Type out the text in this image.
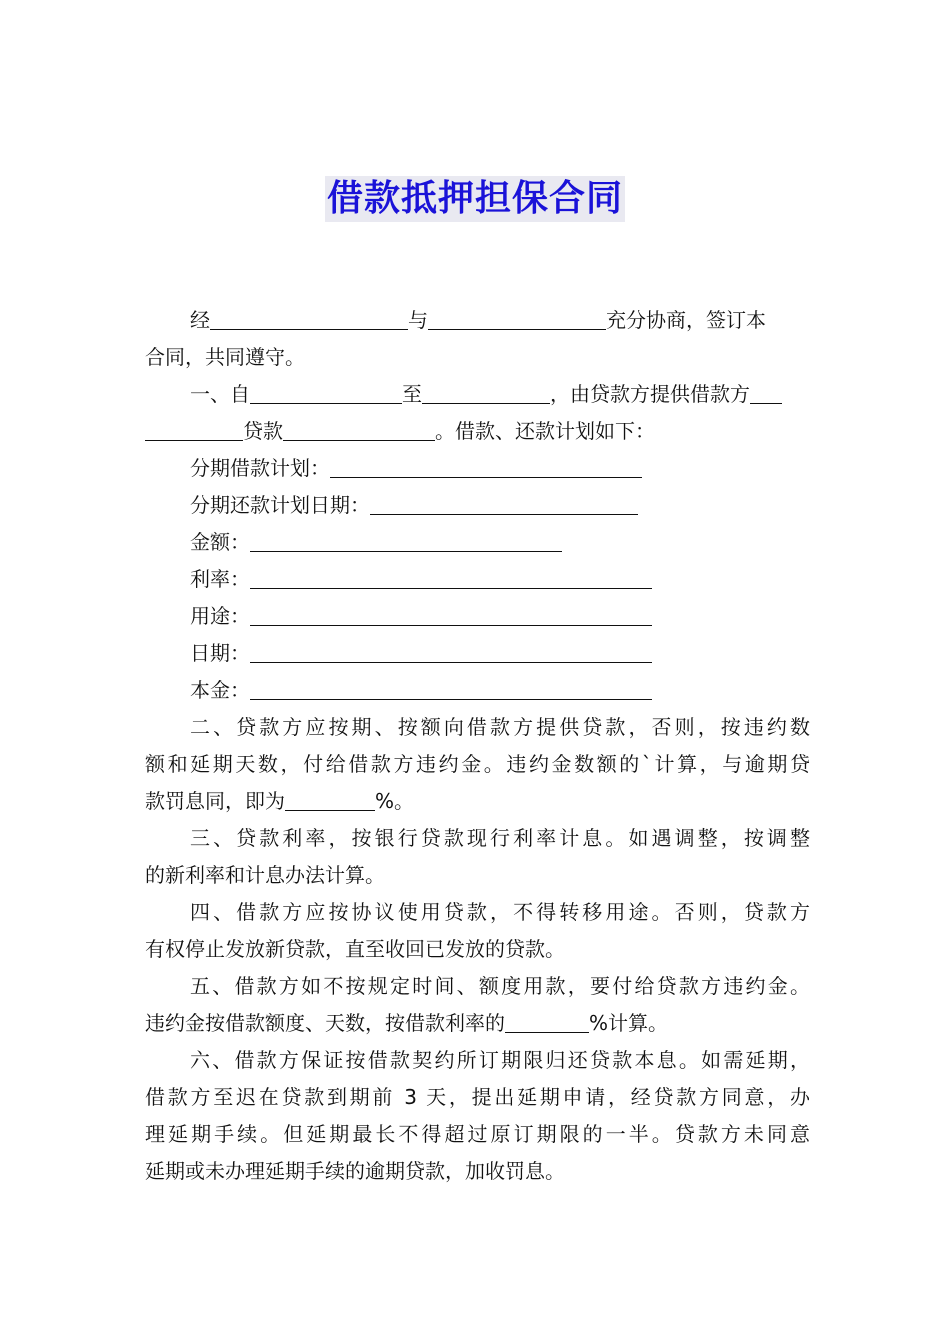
借款抵押担保合同
经	与	充分协商，签订本
合同，共同遵守。
一、自	至	，由贷款方提供借款方
贷款	。借款、还款计划如下：
分期借款计划：
分期还款计划日期：
金额：
利率：
用途：
日期：
本金：
二、贷款方应按期、按额向借款方提供贷款，否则，按违约数
额和延期天数，付给借款方违约金。违约金数额的`计算，与逾期贷
款罚息同，即为	%。
三、贷款利率，按银行贷款现行利率计息。如遇调整，按调整
的新利率和计息办法计算。
四、借款方应按协议使用贷款，不得转移用途。否则，贷款方
有权停止发放新贷款，直至收回已发放的贷款。
五、借款方如不按规定时间、额度用款，要付给贷款方违约金。
违约金按借款额度、天数，按借款利率的	%计算。
六、借款方保证按借款契约所订期限归还贷款本息。如需延期，
借款方至迟在贷款到期前 3 天，提出延期申请，经贷款方同意，办
理延期手续。但延期最长不得超过原订期限的一半。贷款方未同意
延期或未办理延期手续的逾期贷款，加收罚息。
